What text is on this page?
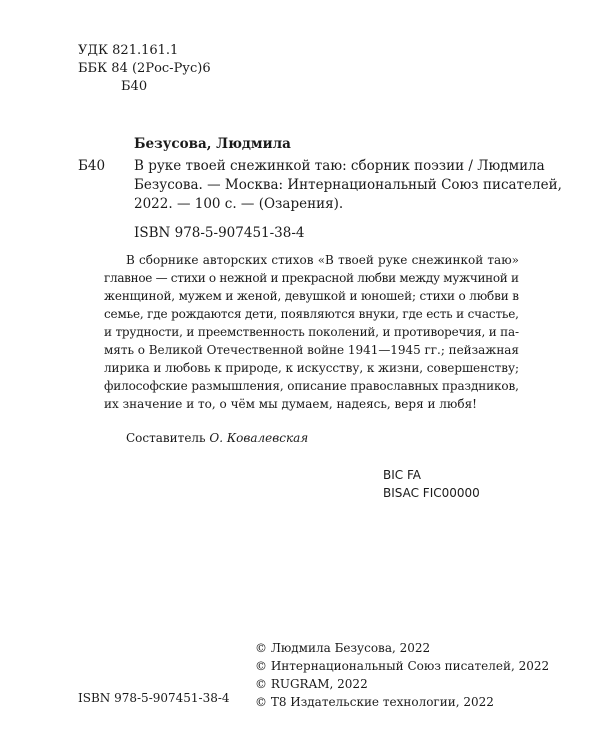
УДК 821.161.1
ББК 84 (2Рос-Рус)6
Б40
Безусова, Людмила
Б40 В руке твоей снежинкой таю: сборник поэзии / Людмила
Безусова. — Москва: Интернациональный Союз писателей,
2022. — 100 с. — (Озарения).
ISBN 978-5-907451-38-4
В сборнике авторских стихов «В твоей руке снежинкой таю»
главное — стихи о нежной и прекрасной любви между мужчиной и
женщиной, мужем и женой, девушкой и юношей; стихи о любви в
семье, где рождаются дети, появляются внуки, где есть и счастье,
и трудности, и преемственность поколений, и противоречия, и па-
мять о Великой Отечественной войне 1941—1945 гг.; пейзажная
лирика и любовь к природе, к искусству, к жизни, совершенству;
философские размышления, описание православных праздников,
их значение и то, о чём мы думаем, надеясь, веря и любя!
Составитель О. Ковалевская
BIC FA
BISAC FIC00000
ISBN 978-5-907451-38-4
© Людмила Безусова, 2022
© Интернациональный Союз писателей, 2022
© RUGRAM, 2022
© Т8 Издательские технологии, 2022
